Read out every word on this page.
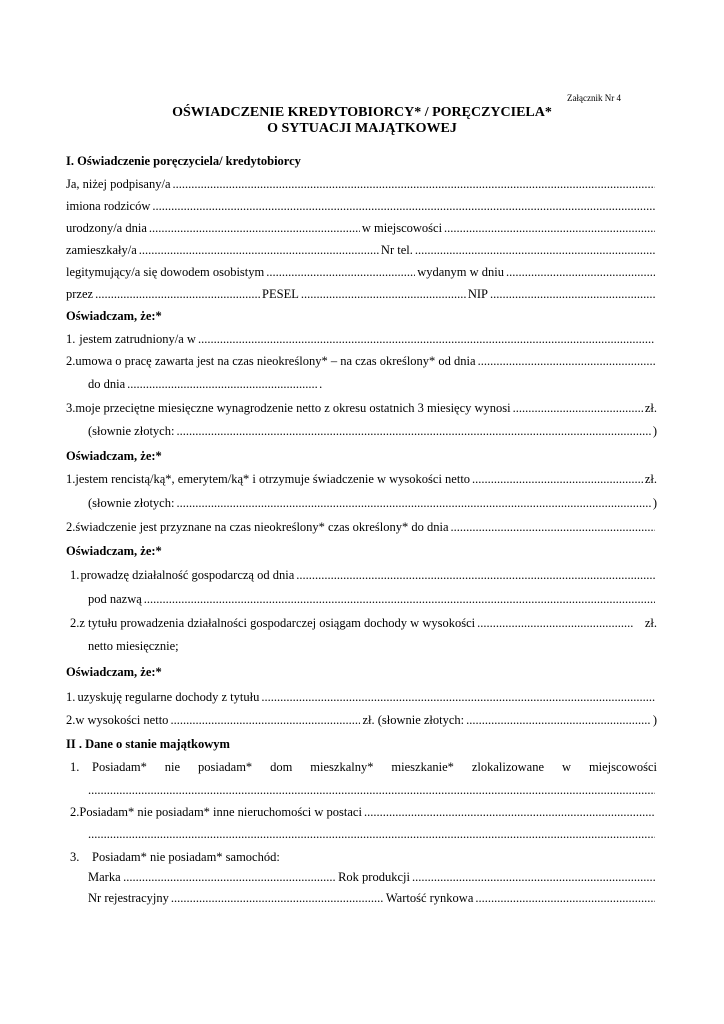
Załącznik Nr 4
OŚWIADCZENIE KREDYTOBIORCY* / PORĘCZYCIELA*
O SYTUACJI MAJĄTKOWEJ
I. Oświadczenie poręczyciela/ kredytobiorcy
Ja, niżej podpisany/a
.....
imiona rodziców
.....
urodzony/a dnia .....	w miejscowości
.....
zamieszkały/a .....	Nr tel.
.....
legitymujący/a się dowodem osobistym .....	wydanym w dniu
.....
przez .....	PESEL .....	NIP
.....
Oświadczam, że:*
1. jestem zatrudniony/a w
.....
2. umowa o pracę zawarta jest na czas nieokreślony* – na czas określony* od dnia
.....
do dnia .....	.
3. moje przeciętne miesięczne wynagrodzenie netto z okresu ostatnich 3 miesięcy wynosi .....	zł.
(słownie złotych: .....	)
Oświadczam, że:*
1. jestem rencistą/ką*, emerytem/ką* i otrzymuje świadczenie w wysokości netto .....	zł.
(słownie złotych: .....	)
2. świadczenie jest przyznane na czas nieokreślony* czas określony* do dnia
.....
Oświadczam, że:*
1. prowadzę działalność gospodarczą od dnia
.....
pod nazwą
.....
2. z tytułu prowadzenia działalności gospodarczej osiągam dochody w wysokości .....	zł.
netto miesięcznie;
Oświadczam, że:*
1. uzyskuję regularne dochody z tytułu
.....
2. w wysokości netto .....	zł. (słownie złotych: .....	)
II . Dane o stanie majątkowym
1.	Posiadam* nie posiadam* dom mieszkalny* mieszkanie* zlokalizowane w miejscowości
.....
2. Posiadam* nie posiadam* inne nieruchomości w postaci
.....
.....
3.	Posiadam* nie posiadam* samochód:
Marka .....	Rok produkcji
.....
Nr rejestracyjny .....	Wartość rynkowa
.....
